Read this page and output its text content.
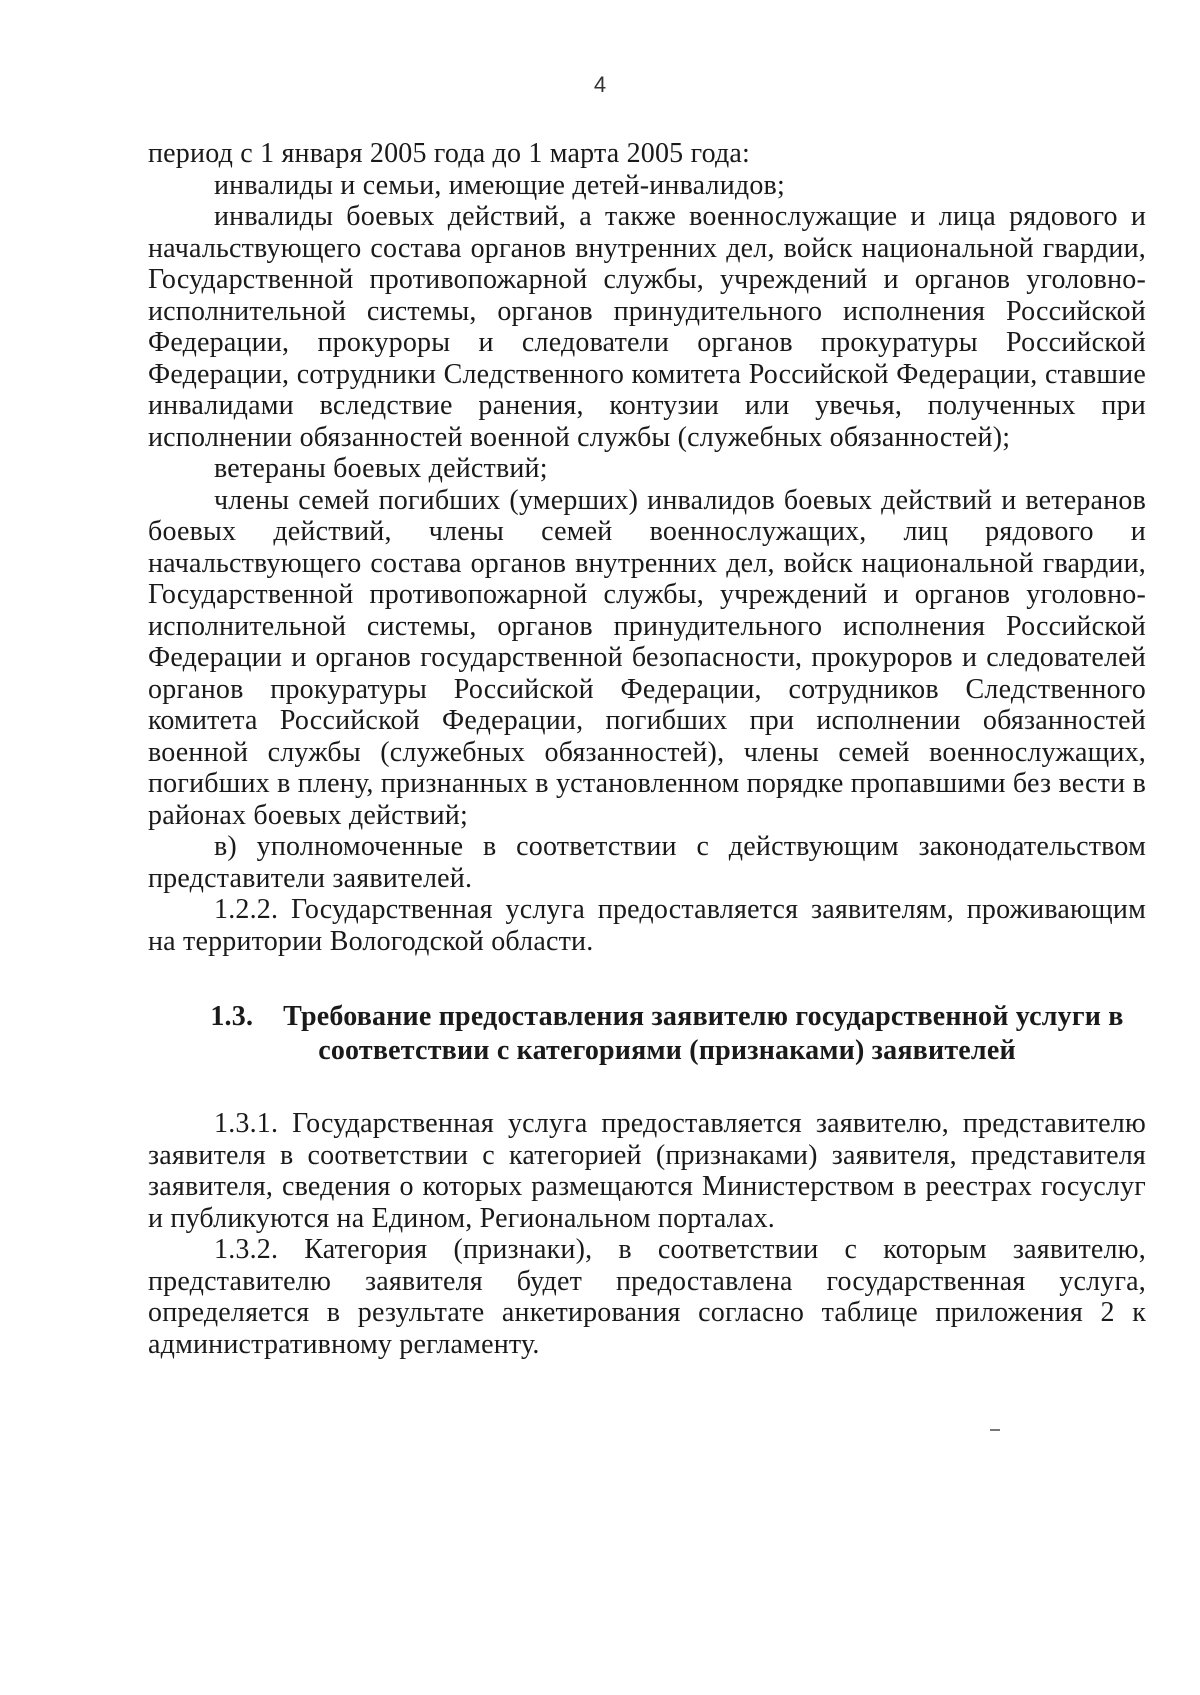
4

период с 1 января 2005 года до 1 марта 2005 года:

инвалиды и семьи, имеющие детей-инвалидов;

инвалиды боевых действий, а также военнослужащие и лица рядового и начальствующего состава органов внутренних дел, войск национальной гвардии, Государственной противопожарной службы, учреждений и органов уголовно-исполнительной системы, органов принудительного исполнения Российской Федерации, прокуроры и следователи органов прокуратуры Российской Федерации, сотрудники Следственного комитета Российской Федерации, ставшие инвалидами вследствие ранения, контузии или увечья, полученных при исполнении обязанностей военной службы (служебных обязанностей);

ветераны боевых действий;

члены семей погибших (умерших) инвалидов боевых действий и ветеранов боевых действий, члены семей военнослужащих, лиц рядового и начальствующего состава органов внутренних дел, войск национальной гвардии, Государственной противопожарной службы, учреждений и органов уголовно-исполнительной системы, органов принудительного исполнения Российской Федерации и органов государственной безопасности, прокуроров и следователей органов прокуратуры Российской Федерации, сотрудников Следственного комитета Российской Федерации, погибших при исполнении обязанностей военной службы (служебных обязанностей), члены семей военнослужащих, погибших в плену, признанных в установленном порядке пропавшими без вести в районах боевых действий;

в) уполномоченные в соответствии с действующим законодательством представители заявителей.

1.2.2. Государственная услуга предоставляется заявителям, проживающим на территории Вологодской области.

1.3. Требование предоставления заявителю государственной услуги в соответствии с категориями (признаками) заявителей

1.3.1. Государственная услуга предоставляется заявителю, представителю заявителя в соответствии с категорией (признаками) заявителя, представителя заявителя, сведения о которых размещаются Министерством в реестрах госуслуг и публикуются на Едином, Региональном порталах.

1.3.2. Категория (признаки), в соответствии с которым заявителю, представителю заявителя будет предоставлена государственная услуга, определяется в результате анкетирования согласно таблице приложения 2 к административному регламенту.
